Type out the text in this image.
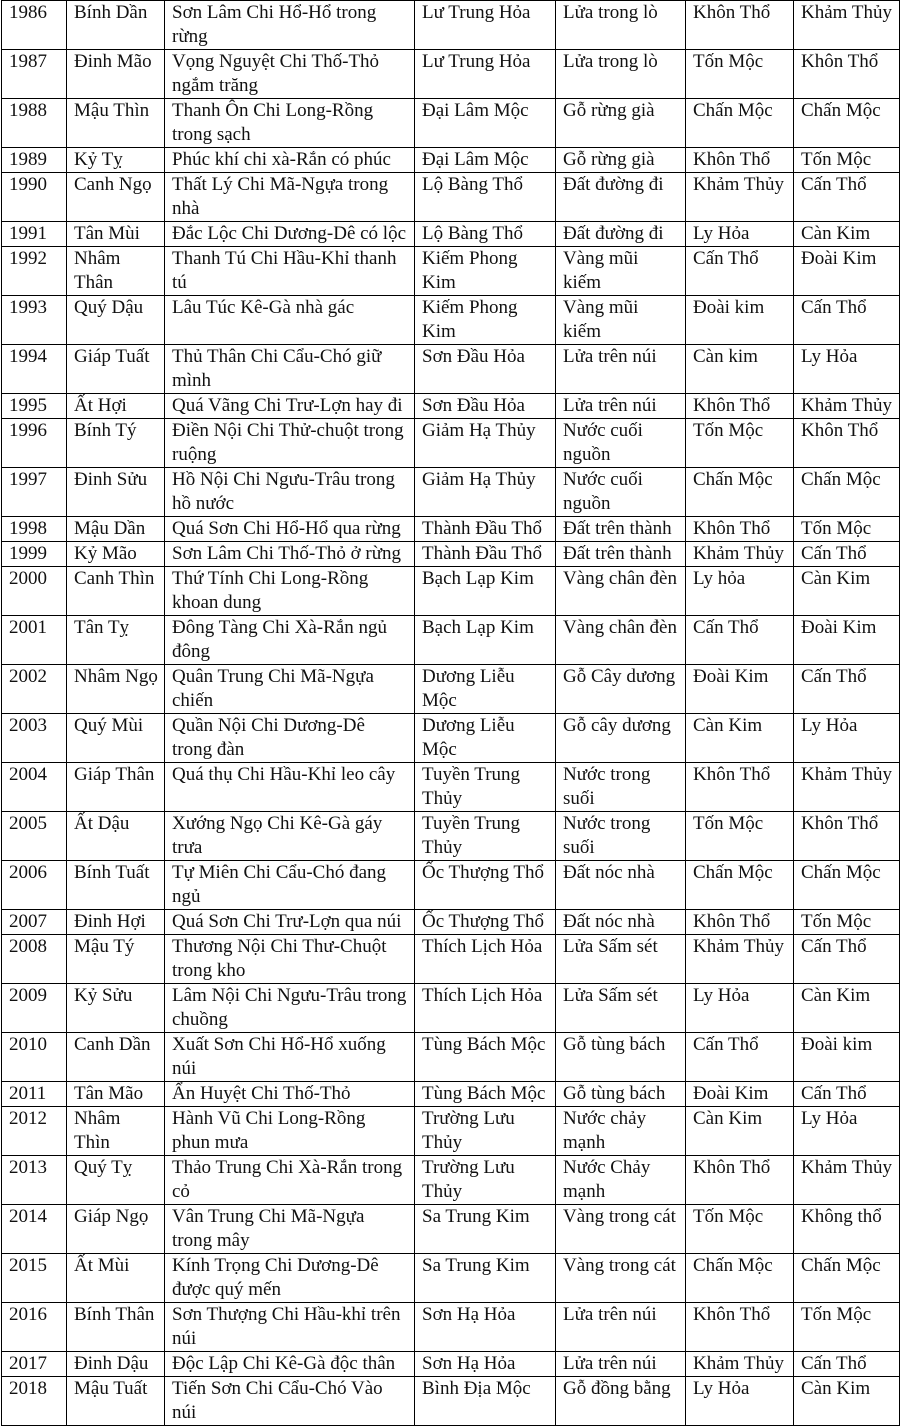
1986	Bính Dần	Sơn Lâm Chi Hổ-Hổ trong rừng	Lư Trung Hỏa	Lửa trong lò	Khôn Thổ	Khảm Thủy
1987	Đinh Mão	Vọng Nguyệt Chi Thố-Thỏ ngắm trăng	Lư Trung Hỏa	Lửa trong lò	Tốn Mộc	Khôn Thổ
1988	Mậu Thìn	Thanh Ôn Chi Long-Rồng trong sạch	Đại Lâm Mộc	Gỗ rừng già	Chấn Mộc	Chấn Mộc
1989	Kỷ Tỵ	Phúc khí chi xà-Rắn có phúc	Đại Lâm Mộc	Gỗ rừng già	Khôn Thổ	Tốn Mộc
1990	Canh Ngọ	Thất Lý Chi Mã-Ngựa trong nhà	Lộ Bàng Thổ	Đất đường đi	Khảm Thủy	Cấn Thổ
1991	Tân Mùi	Đắc Lộc Chi Dương-Dê có lộc	Lộ Bàng Thổ	Đất đường đi	Ly Hỏa	Càn Kim
1992	Nhâm Thân	Thanh Tú Chi Hầu-Khỉ thanh tú	Kiếm Phong Kim	Vàng mũi kiếm	Cấn Thổ	Đoài Kim
1993	Quý Dậu	Lâu Túc Kê-Gà nhà gác	Kiếm Phong Kim	Vàng mũi kiếm	Đoài kim	Cấn Thổ
1994	Giáp Tuất	Thủ Thân Chi Cẩu-Chó giữ mình	Sơn Đầu Hỏa	Lửa trên núi	Càn kim	Ly Hỏa
1995	Ất Hợi	Quá Vãng Chi Trư-Lợn hay đi	Sơn Đầu Hỏa	Lửa trên núi	Khôn Thổ	Khảm Thủy
1996	Bính Tý	Điền Nội Chi Thử-chuột trong ruộng	Giảm Hạ Thủy	Nước cuối nguồn	Tốn Mộc	Khôn Thổ
1997	Đinh Sửu	Hồ Nội Chi Ngưu-Trâu trong hồ nước	Giảm Hạ Thủy	Nước cuối nguồn	Chấn Mộc	Chấn Mộc
1998	Mậu Dần	Quá Sơn Chi Hổ-Hổ qua rừng	Thành Đầu Thổ	Đất trên thành	Khôn Thổ	Tốn Mộc
1999	Kỷ Mão	Sơn Lâm Chi Thố-Thỏ ở rừng	Thành Đầu Thổ	Đất trên thành	Khảm Thủy	Cấn Thổ
2000	Canh Thìn	Thứ Tính Chi Long-Rồng khoan dung	Bạch Lạp Kim	Vàng chân đèn	Ly hỏa	Càn Kim
2001	Tân Tỵ	Đông Tàng Chi Xà-Rắn ngủ đông	Bạch Lạp Kim	Vàng chân đèn	Cấn Thổ	Đoài Kim
2002	Nhâm Ngọ	Quân Trung Chi Mã-Ngựa chiến	Dương Liễu Mộc	Gỗ Cây dương	Đoài Kim	Cấn Thổ
2003	Quý Mùi	Quần Nội Chi Dương-Dê trong đàn	Dương Liễu Mộc	Gỗ cây dương	Càn Kim	Ly Hỏa
2004	Giáp Thân	Quá thụ Chi Hầu-Khỉ leo cây	Tuyền Trung Thủy	Nước trong suối	Khôn Thổ	Khảm Thủy
2005	Ất Dậu	Xướng Ngọ Chi Kê-Gà gáy trưa	Tuyền Trung Thủy	Nước trong suối	Tốn Mộc	Khôn Thổ
2006	Bính Tuất	Tự Miên Chi Cẩu-Chó đang ngủ	Ốc Thượng Thổ	Đất nóc nhà	Chấn Mộc	Chấn Mộc
2007	Đinh Hợi	Quá Sơn Chi Trư-Lợn qua núi	Ốc Thượng Thổ	Đất nóc nhà	Khôn Thổ	Tốn Mộc
2008	Mậu Tý	Thương Nội Chi Thư-Chuột trong kho	Thích Lịch Hỏa	Lửa Sấm sét	Khảm Thủy	Cấn Thổ
2009	Kỷ Sửu	Lâm Nội Chi Ngưu-Trâu trong chuồng	Thích Lịch Hỏa	Lửa Sấm sét	Ly Hỏa	Càn Kim
2010	Canh Dần	Xuất Sơn Chi Hổ-Hổ xuống núi	Tùng Bách Mộc	Gỗ tùng bách	Cấn Thổ	Đoài kim
2011	Tân Mão	Ẩn Huyệt Chi Thố-Thỏ	Tùng Bách Mộc	Gỗ tùng bách	Đoài Kim	Cấn Thổ
2012	Nhâm Thìn	Hành Vũ Chi Long-Rồng phun mưa	Trường Lưu Thủy	Nước chảy mạnh	Càn Kim	Ly Hỏa
2013	Quý Tỵ	Thảo Trung Chi Xà-Rắn trong cỏ	Trường Lưu Thủy	Nước Chảy mạnh	Khôn Thổ	Khảm Thủy
2014	Giáp Ngọ	Vân Trung Chi Mã-Ngựa trong mây	Sa Trung Kim	Vàng trong cát	Tốn Mộc	Không thổ
2015	Ất Mùi	Kính Trọng Chi Dương-Dê được quý mến	Sa Trung Kim	Vàng trong cát	Chấn Mộc	Chấn Mộc
2016	Bính Thân	Sơn Thượng Chi Hầu-khỉ trên núi	Sơn Hạ Hỏa	Lửa trên núi	Khôn Thổ	Tốn Mộc
2017	Đinh Dậu	Độc Lập Chi Kê-Gà độc thân	Sơn Hạ Hỏa	Lửa trên núi	Khảm Thủy	Cấn Thổ
2018	Mậu Tuất	Tiến Sơn Chi Cẩu-Chó Vào núi	Bình Địa Mộc	Gỗ đồng bằng	Ly Hỏa	Càn Kim
